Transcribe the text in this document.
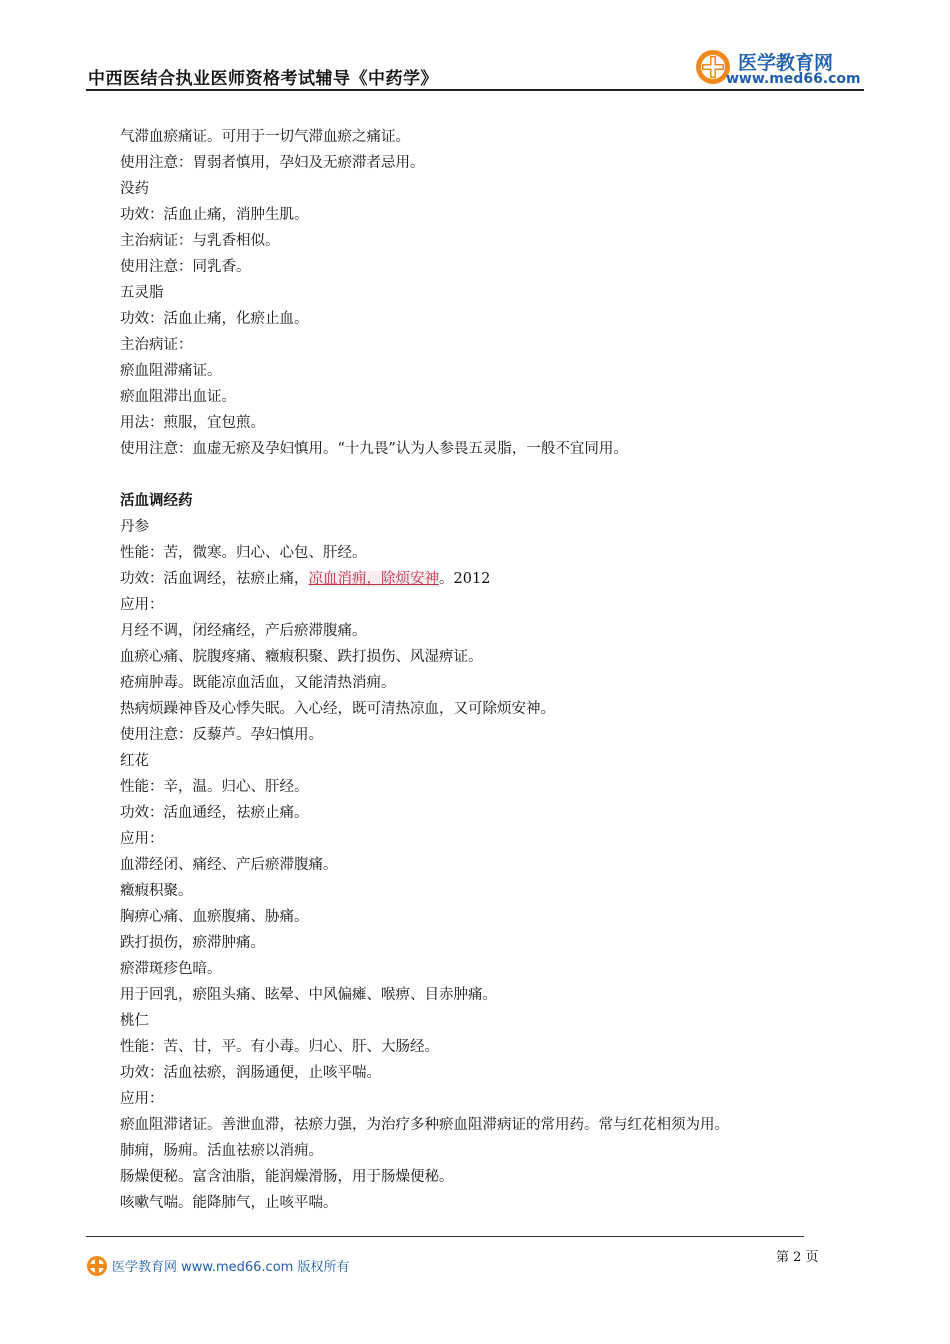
中西医结合执业医师资格考试辅导《中药学》
医学教育网
www.med66.com
气滞血瘀痛证。可用于一切气滞血瘀之痛证。
使用注意：胃弱者慎用，孕妇及无瘀滞者忌用。
没药
功效：活血止痛，消肿生肌。
主治病证：与乳香相似。
使用注意：同乳香。
五灵脂
功效：活血止痛，化瘀止血。
主治病证：
瘀血阻滞痛证。
瘀血阻滞出血证。
用法：煎服，宜包煎。
使用注意：血虚无瘀及孕妇慎用。“十九畏”认为人参畏五灵脂，一般不宜同用。
活血调经药
丹参
性能：苦，微寒。归心、心包、肝经。
功效：活血调经，祛瘀止痛，凉血消痈，除烦安神。2012
应用：
月经不调，闭经痛经，产后瘀滞腹痛。
血瘀心痛、脘腹疼痛、癥瘕积聚、跌打损伤、风湿痹证。
疮痈肿毒。既能凉血活血，又能清热消痈。
热病烦躁神昏及心悸失眠。入心经，既可清热凉血，又可除烦安神。
使用注意：反藜芦。孕妇慎用。
红花
性能：辛，温。归心、肝经。
功效：活血通经，祛瘀止痛。
应用：
血滞经闭、痛经、产后瘀滞腹痛。
癥瘕积聚。
胸痹心痛、血瘀腹痛、胁痛。
跌打损伤，瘀滞肿痛。
瘀滞斑疹色暗。
用于回乳，瘀阻头痛、眩晕、中风偏瘫、喉痹、目赤肿痛。
桃仁
性能：苦、甘，平。有小毒。归心、肝、大肠经。
功效：活血祛瘀，润肠通便，止咳平喘。
应用：
瘀血阻滞诸证。善泄血滞，祛瘀力强，为治疗多种瘀血阻滞病证的常用药。常与红花相须为用。
肺痈，肠痈。活血祛瘀以消痈。
肠燥便秘。富含油脂，能润燥滑肠，用于肠燥便秘。
咳嗽气喘。能降肺气，止咳平喘。
医学教育网 www.med66.com 版权所有
第 2 页
